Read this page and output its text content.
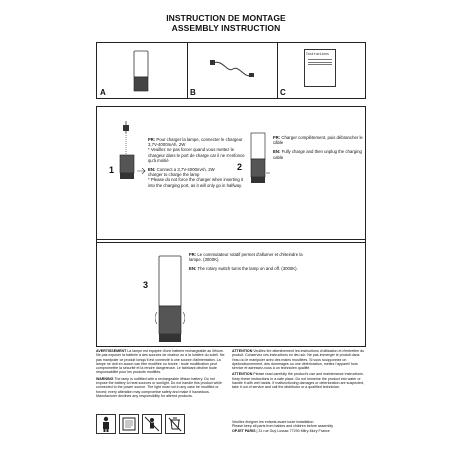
INSTRUCTION DE MONTAGE
ASSEMBLY INSTRUCTION
A	B	C
Instructions
1
FR: Pour charger la lampe, connecter le chargeur 3,7V-4000mAh, 2W
* Veuillez ne pas forcer quand vous mettez le chargeur dans le port de charge car il ne s'enfonce qu'à moitié
EN: Connect a 3,7V-4000mAh, 2W
charger to charge the lamp
* Please do not force the charger when inserting it into the charging port, as it will only go in halfway.
2
FR: Charger complètement, puis débrancher le câble
EN: Fully charge and then unplug the charging cable
3
FR: Le commutateur rotatif permet d'allumer et d'éteindre la lampe. (3000K).
EN: The rotary switch turns the lamp on and off. (3000K).
AVERTISSEMENT La lampe est équipée d'une batterie rechargeable au lithium. Ne pas exposer la batterie à des sources de chaleur ou à la lumière du soleil. Ne pas manipuler ce produit lorsqu'il est connecté à une source d'alimentation. La lampe ne doit en aucun cas être modifiée ou forcée : toute modification peut compromettre la sécurité et la rendre dangereuse. Le fabricant décline toute responsabilité pour les produits modifiés.
WARNING The lamp is outfitted with a rechargeable lithium battery. Do not expose the battery to heat sources or sunlight. Do not handle this product while connected to the power source. The light must not in any case be modified or forced; every alteration may compromise safety and make it hazardous. Manufacturer declines any responsibility for altered products.
ATTENTION Veuillez lire attentivement les instructions d'utilisation et d'entretien du produit. Conservez ces instructions en lieu sûr. Ne pas immerger le produit dans l'eau ou le manipuler avec des mains mouillées. Si vous soupçonnez un dysfonctionnement, des dommages ou une détérioration, mettez l'appareil hors service et adressez-vous à un technicien qualifié.
ATTENTION Please read carefully the product's use and maintenance instructions. Keep these instructions in a safe place. Do not immerse the product into water or handle it with wet hands. If malfunctioning damages or deterioration are suspected, take it out of service and call the distributor or a qualified technician.
Veuillez éloigner les enfants avant toute installation.
Please keep all parts from babies and children before assembly
OPJET PARIS | 31 rue Guy Lussac 77290 Mitry-Mory France
